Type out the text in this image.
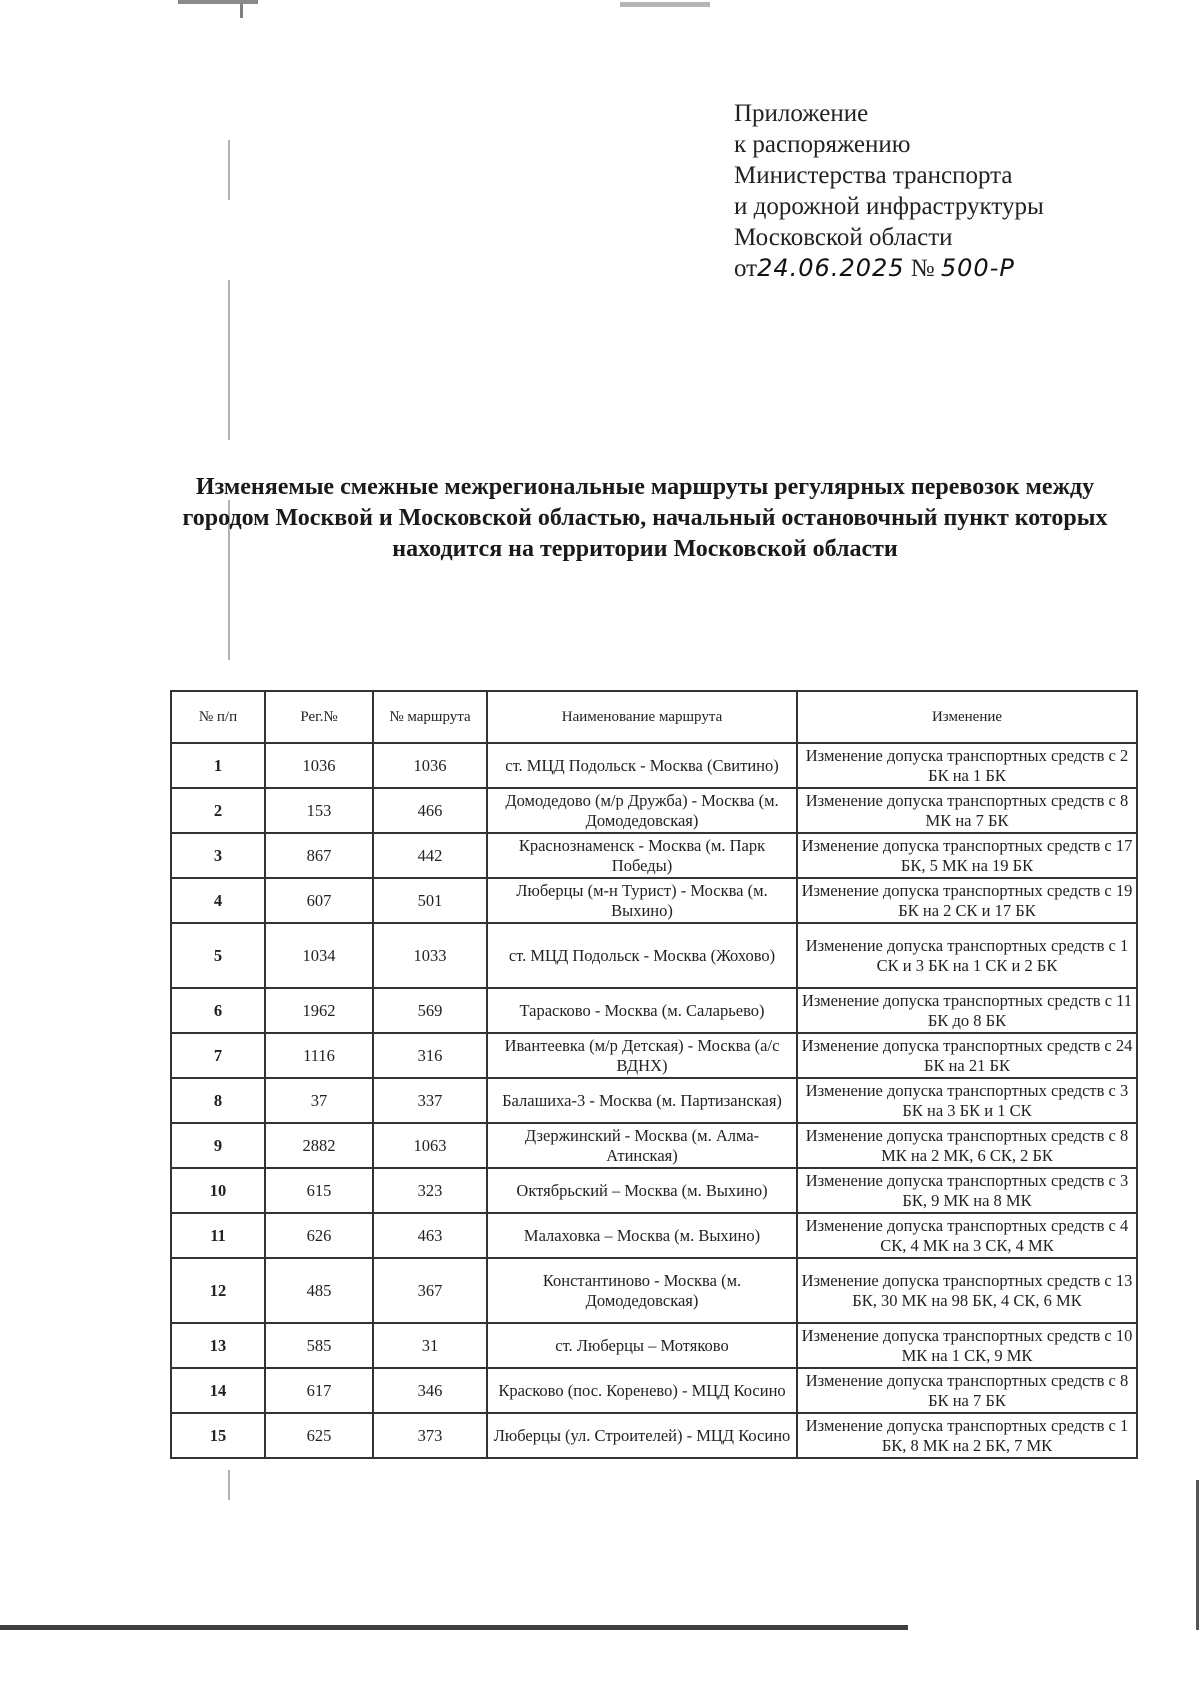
Приложение
к распоряжению
Министерства транспорта
и дорожной инфраструктуры
Московской области
от24.06.2025 № 500-Р
Изменяемые смежные межрегиональные маршруты регулярных перевозок между городом Москвой и Московской областью, начальный остановочный пункт которых находится на территории Московской области
№ п/п	Рег.№	№ маршрута	Наименование маршрута	Изменение
1	1036	1036	ст. МЦД Подольск - Москва (Свитино)	Изменение допуска транспортных средств с 2 БК на 1 БК
2	153	466	Домодедово (м/р Дружба) - Москва (м. Домодедовская)	Изменение допуска транспортных средств с 8 МК на 7 БК
3	867	442	Краснознаменск - Москва (м. Парк Победы)	Изменение допуска транспортных средств с 17 БК, 5 МК на 19 БК
4	607	501	Люберцы (м-н Турист) - Москва (м. Выхино)	Изменение допуска транспортных средств с 19 БК на 2 СК и 17 БК
5	1034	1033	ст. МЦД Подольск - Москва (Жохово)	Изменение допуска транспортных средств с 1 СК и 3 БК на 1 СК и 2 БК
6	1962	569	Тарасково - Москва (м. Саларьево)	Изменение допуска транспортных средств с 11 БК до 8 БК
7	1116	316	Ивантеевка (м/р Детская) - Москва (а/с ВДНХ)	Изменение допуска транспортных средств с 24 БК на 21 БК
8	37	337	Балашиха-3 - Москва (м. Партизанская)	Изменение допуска транспортных средств с 3 БК на 3 БК и 1 СК
9	2882	1063	Дзержинский - Москва (м. Алма-Атинская)	Изменение допуска транспортных средств с 8 МК на 2 МК, 6 СК, 2 БК
10	615	323	Октябрьский – Москва (м. Выхино)	Изменение допуска транспортных средств с 3 БК, 9 МК на 8 МК
11	626	463	Малаховка – Москва (м. Выхино)	Изменение допуска транспортных средств с 4 СК, 4 МК на 3 СК, 4 МК
12	485	367	Константиново - Москва (м. Домодедовская)	Изменение допуска транспортных средств с 13 БК, 30 МК на 98 БК, 4 СК, 6 МК
13	585	31	ст. Люберцы – Мотяково	Изменение допуска транспортных средств с 10 МК на 1 СК, 9 МК
14	617	346	Красково (пос. Коренево) - МЦД Косино	Изменение допуска транспортных средств с 8 БК на 7 БК
15	625	373	Люберцы (ул. Строителей) - МЦД Косино	Изменение допуска транспортных средств с 1 БК, 8 МК на 2 БК, 7 МК
